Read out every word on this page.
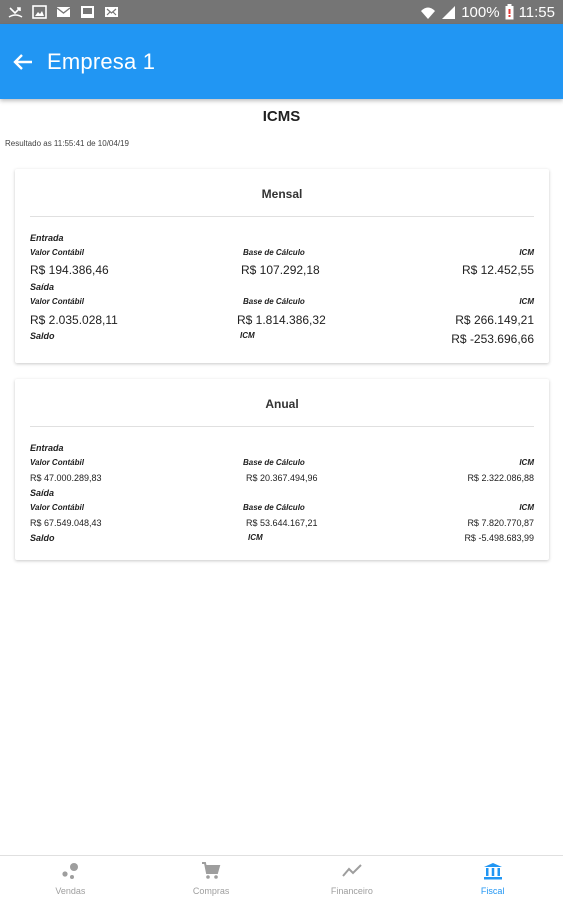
100% 11:55
Empresa 1
ICMS
Resultado as 11:55:41 de 10/04/19
Mensal
Entrada
Valor Contábil	Base de Cálculo	ICM
R$ 194.386,46	R$ 107.292,18	R$ 12.452,55
Saída
Valor Contábil	Base de Cálculo	ICM
R$ 2.035.028,11	R$ 1.814.386,32	R$ 266.149,21
Saldo	ICM	R$ -253.696,66
Anual
Entrada
Valor Contábil	Base de Cálculo	ICM
R$ 47.000.289,83	R$ 20.367.494,96	R$ 2.322.086,88
Saída
Valor Contábil	Base de Cálculo	ICM
R$ 67.549.048,43	R$ 53.644.167,21	R$ 7.820.770,87
Saldo	ICM	R$ -5.498.683,99
Vendas	Compras	Financeiro	Fiscal
